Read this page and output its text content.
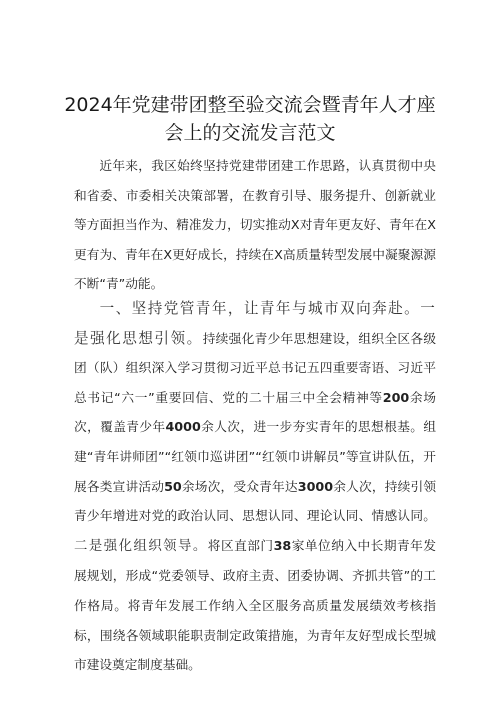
2024年党建带团整至验交流会暨青年人才座
会上的交流发言范文

近年来，我区始终坚持党建带团建工作思路，认真贯彻中央和省委、市委相关决策部署，在教育引导、服务提升、创新就业等方面担当作为、精准发力，切实推动X对青年更友好、青年在X更有为、青年在X更好成长，持续在X高质量转型发展中凝聚源源不断“青”动能。

一、坚持党管青年，让青年与城市双向奔赴。一是强化思想引领。持续强化青少年思想建设，组织全区各级团（队）组织深入学习贯彻习近平总书记五四重要寄语、习近平总书记“六一”重要回信、党的二十届三中全会精神等200余场次，覆盖青少年4000余人次，进一步夯实青年的思想根基。组建“青年讲师团”“红领巾巡讲团”“红领巾讲解员”等宣讲队伍，开展各类宣讲活动50余场次，受众青年达3000余人次，持续引领青少年增进对党的政治认同、思想认同、理论认同、情感认同。二是强化组织领导。将区直部门38家单位纳入中长期青年发展规划，形成“党委领导、政府主责、团委协调、齐抓共管”的工作格局。将青年发展工作纳入全区服务高质量发展绩效考核指标，围绕各领域职能职责制定政策措施，为青年友好型成长型城市建设奠定制度基础。
